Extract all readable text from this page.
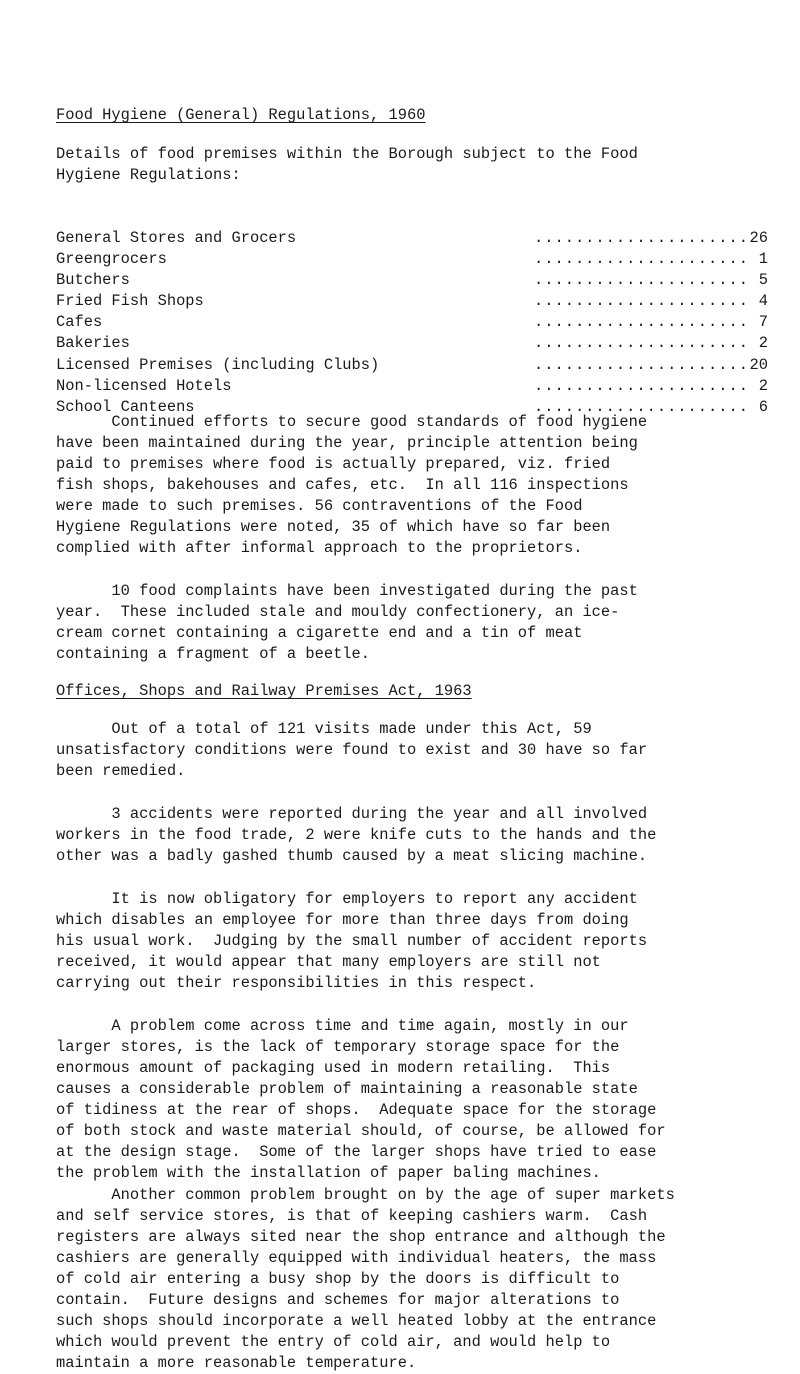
Food Hygiene (General) Regulations, 1960
Details of food premises within the Borough subject to the Food
Hygiene Regulations:
General Stores and Grocers	..................... 26
Greengrocers	..................... 1
Butchers	..................... 5
Fried Fish Shops	..................... 4
Cafes	..................... 7
Bakeries	..................... 2
Licensed Premises (including Clubs)	..................... 20
Non-licensed Hotels	..................... 2
School Canteens	..................... 6
Continued efforts to secure good standards of food hygiene
have been maintained during the year, principle attention being
paid to premises where food is actually prepared, viz. fried
fish shops, bakehouses and cafes, etc.  In all 116 inspections
were made to such premises. 56 contraventions of the Food
Hygiene Regulations were noted, 35 of which have so far been
complied with after informal approach to the proprietors.
10 food complaints have been investigated during the past
year.  These included stale and mouldy confectionery, an ice-
cream cornet containing a cigarette end and a tin of meat
containing a fragment of a beetle.
Offices, Shops and Railway Premises Act, 1963
Out of a total of 121 visits made under this Act, 59
unsatisfactory conditions were found to exist and 30 have so far
been remedied.
3 accidents were reported during the year and all involved
workers in the food trade, 2 were knife cuts to the hands and the
other was a badly gashed thumb caused by a meat slicing machine.
It is now obligatory for employers to report any accident
which disables an employee for more than three days from doing
his usual work.  Judging by the small number of accident reports
received, it would appear that many employers are still not
carrying out their responsibilities in this respect.
A problem come across time and time again, mostly in our
larger stores, is the lack of temporary storage space for the
enormous amount of packaging used in modern retailing.  This
causes a considerable problem of maintaining a reasonable state
of tidiness at the rear of shops.  Adequate space for the storage
of both stock and waste material should, of course, be allowed for
at the design stage.  Some of the larger shops have tried to ease
the problem with the installation of paper baling machines.
Another common problem brought on by the age of super markets
and self service stores, is that of keeping cashiers warm.  Cash
registers are always sited near the shop entrance and although the
cashiers are generally equipped with individual heaters, the mass
of cold air entering a busy shop by the doors is difficult to
contain.  Future designs and schemes for major alterations to
such shops should incorporate a well heated lobby at the entrance
which would prevent the entry of cold air, and would help to
maintain a more reasonable temperature.
